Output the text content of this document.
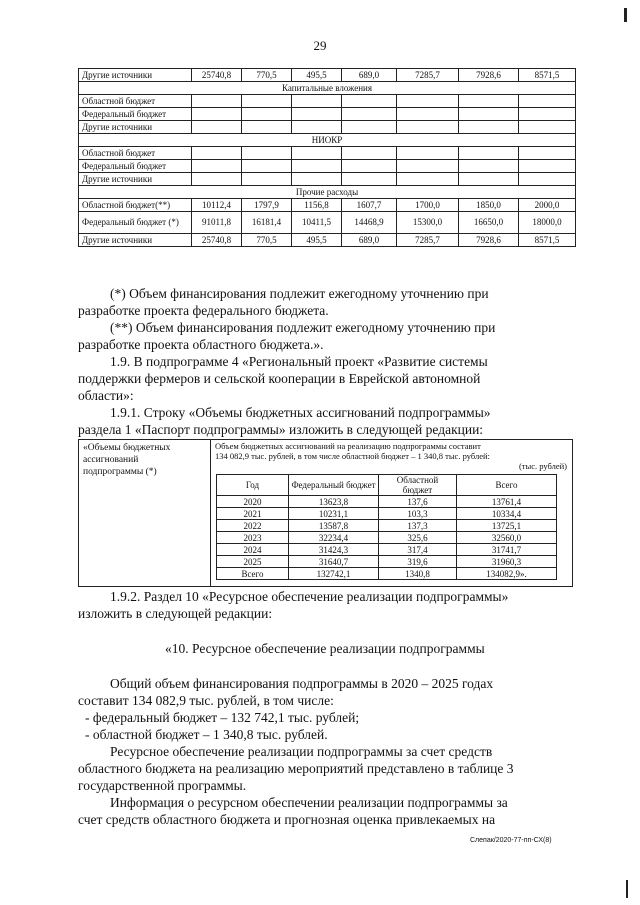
29
Другие источники	25740,8	770,5	495,5	689,0	7285,7	7928,6	8571,5
Капитальные вложения							
Областной бюджет							
Федеральный бюджет							
Другие источники							
НИОКР							
Областной бюджет							
Федеральный бюджет							
Другие источники							
Прочие расходы							
Областной бюджет(**)	10112,4	1797,9	1156,8	1607,7	1700,0	1850,0	2000,0
Федеральный бюджет (*)	91011,8	16181,4	10411,5	14468,9	15300,0	16650,0	18000,0
Другие источники	25740,8	770,5	495,5	689,0	7285,7	7928,6	8571,5
(*) Объем финансирования подлежит ежегодному уточнению при
разработке проекта федерального бюджета.
(**) Объем финансирования подлежит ежегодному уточнению при
разработке проекта областного бюджета.».
1.9. В подпрограмме 4 «Региональный проект «Развитие системы
поддержки фермеров и сельской кооперации в Еврейской автономной
области»:
1.9.1. Строку «Объемы бюджетных ассигнований подпрограммы»
раздела 1 «Паспорт подпрограммы» изложить в следующей редакции:
«Объемы бюджетных
ассигнований
подпрограммы (*)
Объем бюджетных ассигнований на реализацию подпрограммы составит
134 082,9 тыс. рублей, в том числе областной бюджет – 1 340,8 тыс. рублей:
(тыс. рублей)
Год	Федеральный бюджет	Областной бюджет	Всего
2020	13623,8	137,6	13761,4
2021	10231,1	103,3	10334,4
2022	13587,8	137,3	13725,1
2023	32234,4	325,6	32560,0
2024	31424,3	317,4	31741,7
2025	31640,7	319,6	31960,3
Всего	132742,1	1340,8	134082,9».
1.9.2. Раздел 10 «Ресурсное обеспечение реализации подпрограммы»
изложить в следующей редакции:
«10. Ресурсное обеспечение реализации подпрограммы
Общий объем финансирования подпрограммы в 2020 – 2025 годах
составит 134 082,9 тыс. рублей, в том числе:
- федеральный бюджет – 132 742,1 тыс. рублей;
- областной бюджет – 1 340,8 тыс. рублей.
Ресурсное обеспечение реализации подпрограммы за счет средств
областного бюджета на реализацию мероприятий представлено в таблице 3
государственной программы.
Информация о ресурсном обеспечении реализации подпрограммы за
счет средств областного бюджета и прогнозная оценка привлекаемых на
Слепак/2020-77-пп-СХ(8)
